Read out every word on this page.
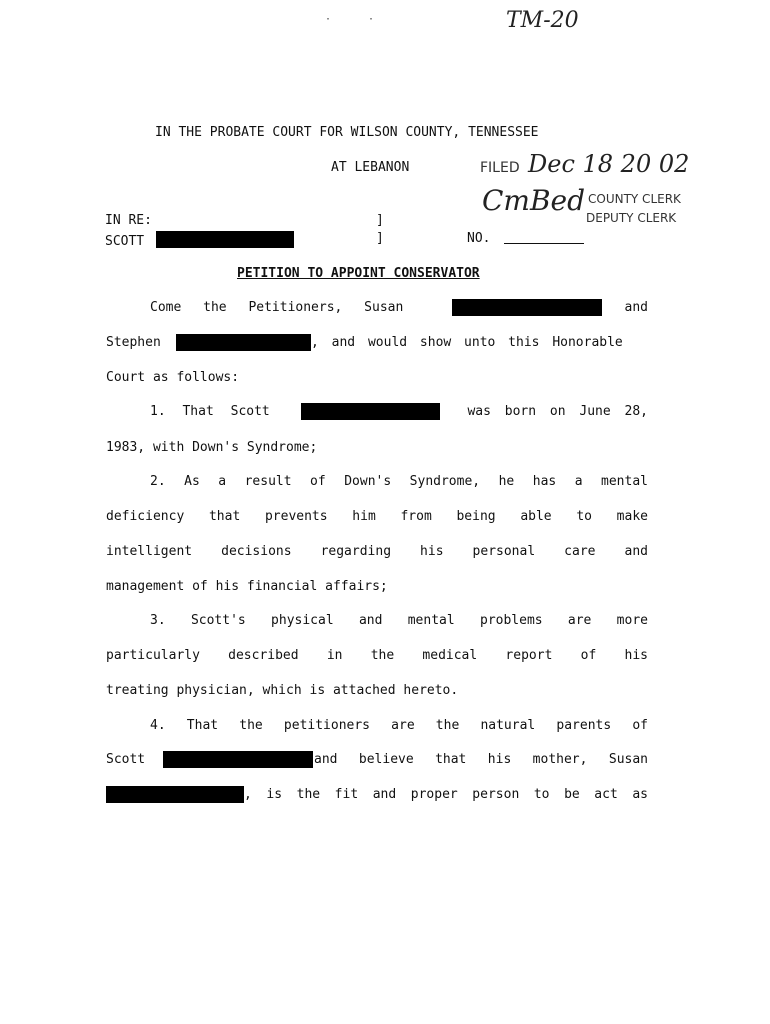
·	·	TM-20
IN THE PROBATE COURT FOR WILSON COUNTY, TENNESSEE
AT LEBANON	FILED Dec 18 20 02
CmBed COUNTY CLERK
DEPUTY CLERK
IN RE:
SCOTT
]
]	NO.
PETITION TO APPOINT CONSERVATOR
Come the Petitioners, Susan	and
Stephen	, and would show unto this Honorable
Court as follows:
1. That Scott	was born on June 28,
1983, with Down's Syndrome;
2. As a result of Down's Syndrome, he has a mental
deficiency that prevents him from being able to make
intelligent decisions regarding his personal care and
management of his financial affairs;
3. Scott's physical and mental problems are more
particularly described in the medical report of his
treating physician, which is attached hereto.
4. That the petitioners are the natural parents of
Scott	and believe that his mother, Susan
, is the fit and proper person to be act as
